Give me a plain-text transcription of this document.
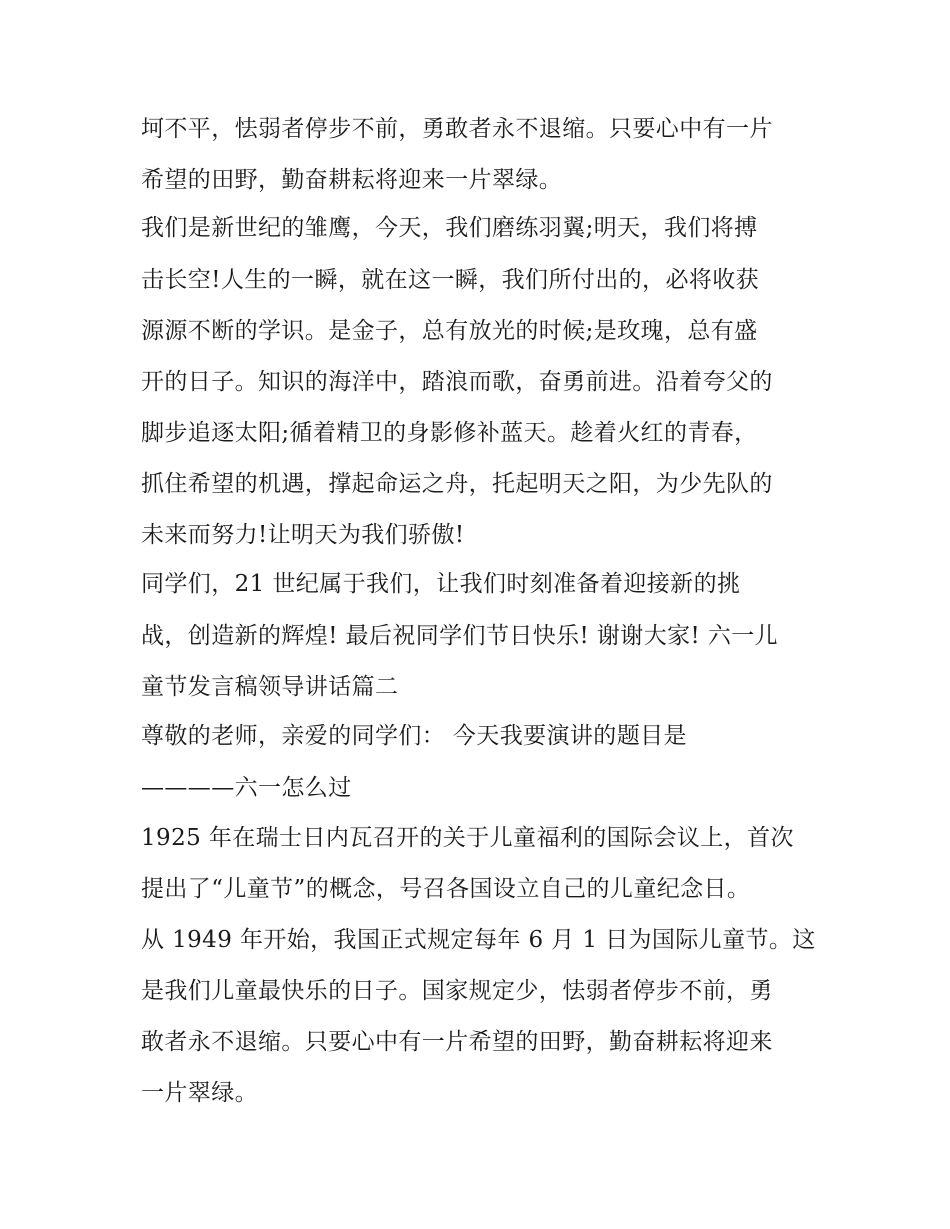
坷不平，怯弱者停步不前，勇敢者永不退缩。只要心中有一片
希望的田野，勤奋耕耘将迎来一片翠绿。
我们是新世纪的雏鹰，今天，我们磨练羽翼;明天，我们将搏
击长空!人生的一瞬，就在这一瞬，我们所付出的，必将收获
源源不断的学识。是金子，总有放光的时候;是玫瑰，总有盛
开的日子。知识的海洋中，踏浪而歌，奋勇前进。沿着夸父的
脚步追逐太阳;循着精卫的身影修补蓝天。趁着火红的青春，
抓住希望的机遇，撑起命运之舟，托起明天之阳，为少先队的
未来而努力!让明天为我们骄傲!
同学们，21 世纪属于我们，让我们时刻准备着迎接新的挑
战，创造新的辉煌! 最后祝同学们节日快乐! 谢谢大家! 六一儿
童节发言稿领导讲话篇二
尊敬的老师，亲爱的同学们： 今天我要演讲的题目是
————六一怎么过
1925 年在瑞士日内瓦召开的关于儿童福利的国际会议上，首次
提出了“儿童节”的概念，号召各国设立自己的儿童纪念日。
从 1949 年开始，我国正式规定每年 6 月 1 日为国际儿童节。这
是我们儿童最快乐的日子。国家规定少，怯弱者停步不前，勇
敢者永不退缩。只要心中有一片希望的田野，勤奋耕耘将迎来
一片翠绿。
